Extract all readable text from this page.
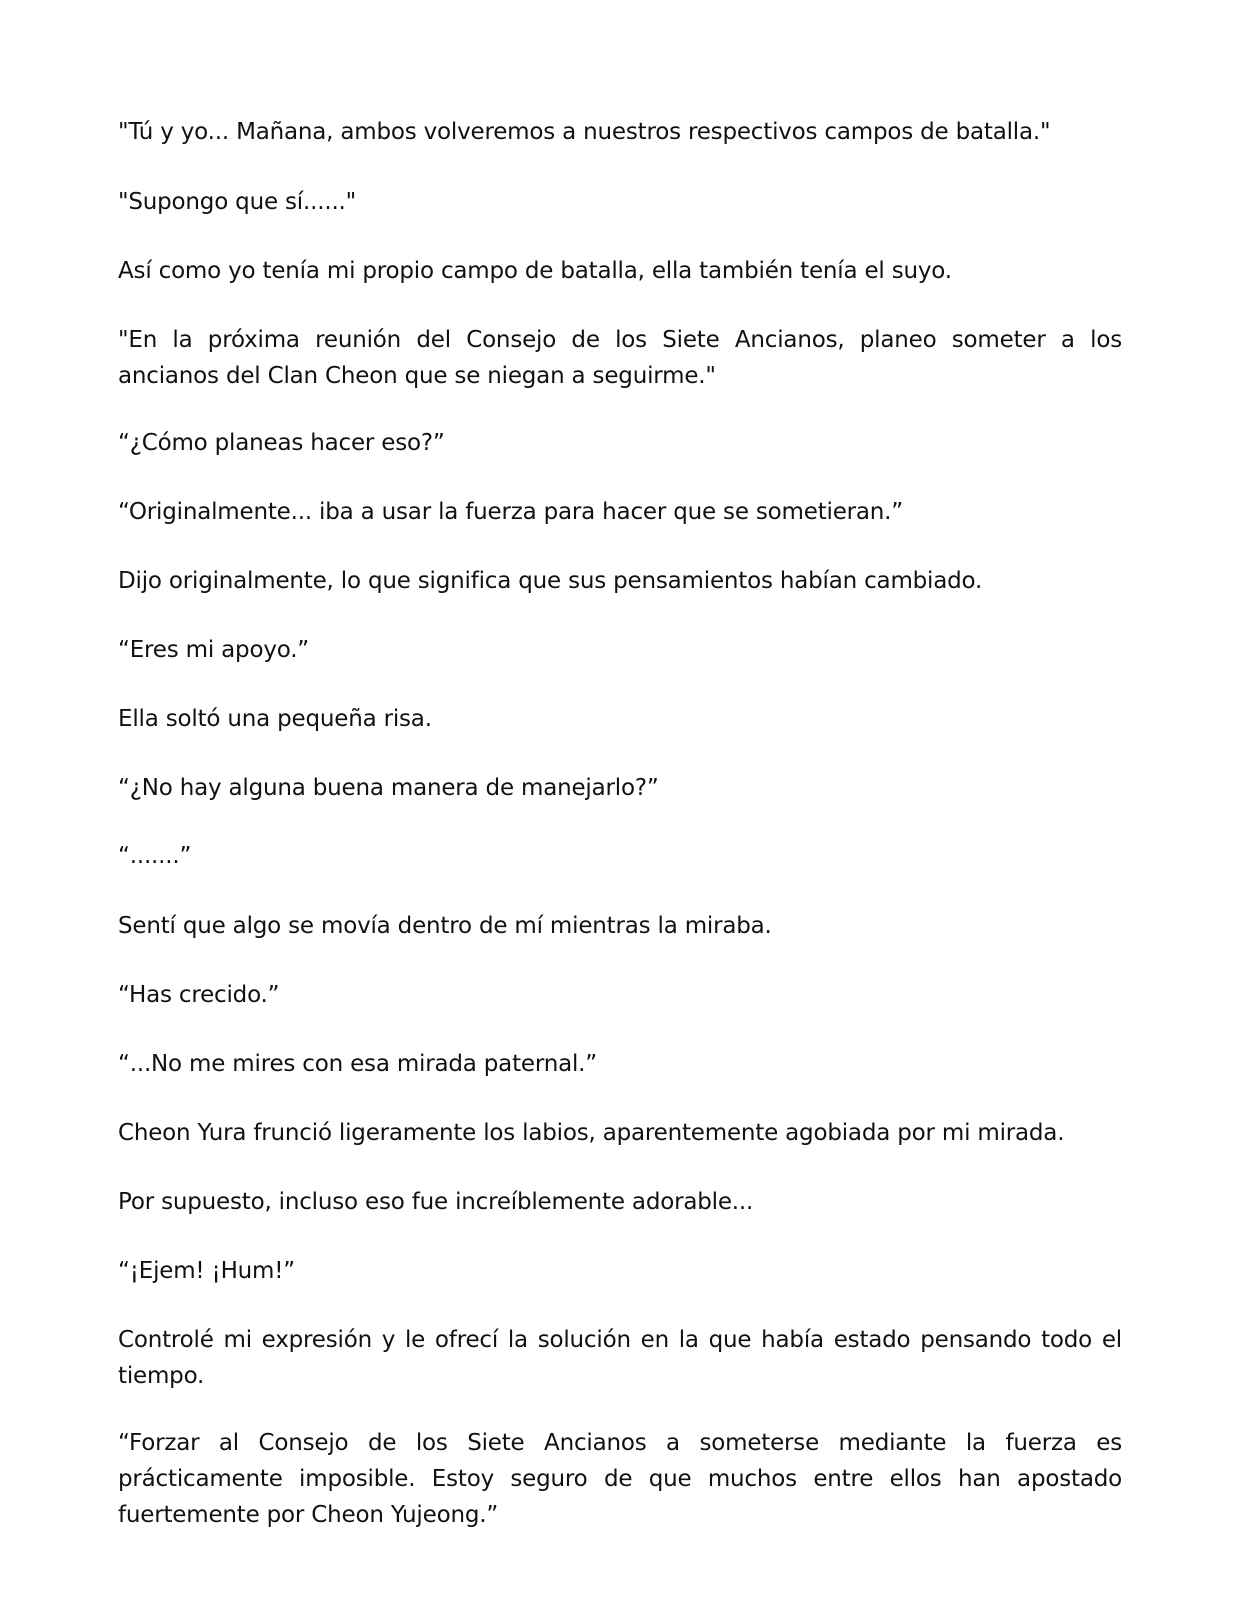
"Tú y yo... Mañana, ambos volveremos a nuestros respectivos campos de batalla."

"Supongo que sí......"

Así como yo tenía mi propio campo de batalla, ella también tenía el suyo.

"En la próxima reunión del Consejo de los Siete Ancianos, planeo someter a los ancianos del Clan Cheon que se niegan a seguirme."

“¿Cómo planeas hacer eso?”

“Originalmente... iba a usar la fuerza para hacer que se sometieran.”

Dijo originalmente, lo que significa que sus pensamientos habían cambiado.

“Eres mi apoyo.”

Ella soltó una pequeña risa.

“¿No hay alguna buena manera de manejarlo?”

“.......”

Sentí que algo se movía dentro de mí mientras la miraba.

“Has crecido.”

“...No me mires con esa mirada paternal.”

Cheon Yura frunció ligeramente los labios, aparentemente agobiada por mi mirada.

Por supuesto, incluso eso fue increíblemente adorable...

“¡Ejem! ¡Hum!”

Controlé mi expresión y le ofrecí la solución en la que había estado pensando todo el tiempo.

“Forzar al Consejo de los Siete Ancianos a someterse mediante la fuerza es prácticamente imposible. Estoy seguro de que muchos entre ellos han apostado fuertemente por Cheon Yujeong.”
